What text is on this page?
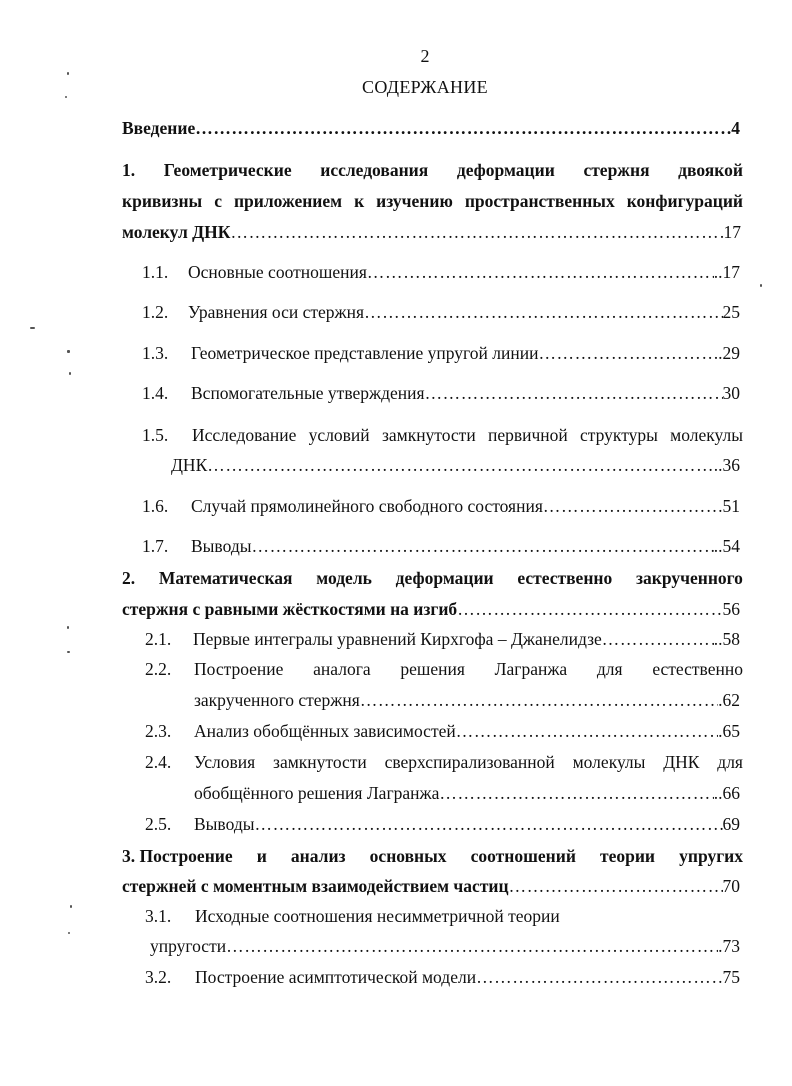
2
СОДЕРЖАНИЕ
Введение ……………………………………………………………………………………………………………………………………………………………………………………………………………………	.4
1. Геометрические исследования деформации стержня двоякой
кривизны с приложением к изучению пространственных конфигураций
молекул ДНК ……………………………………………………………………………………………………………………………………………………………………………………………………………………	17
1.1. Основные соотношения ……………………………………………………………………………………………………………………………………………………………………………………………………………………	..17
1.2. Уравнения оси стержня ……………………………………………………………………………………………………………………………………………………………………………………………………………………	25
1.3. Геометрическое представление упругой линии ……………………………………………………………………………………………………………………………………………………………………………………………………………………	.29
1.4. Вспомогательные утверждения ……………………………………………………………………………………………………………………………………………………………………………………………………………………	30
1.5. Исследование условий замкнутости первичной структуры молекулы
ДНК ……………………………………………………………………………………………………………………………………………………………………………………………………………………	..36
1.6. Случай прямолинейного свободного состояния ……………………………………………………………………………………………………………………………………………………………………………………………………………………	51
1.7. Выводы ……………………………………………………………………………………………………………………………………………………………………………………………………………………	..54
2. Математическая модель деформации естественно закрученного
стержня с равными жёсткостями на изгиб ……………………………………………………………………………………………………………………………………………………………………………………………………………………	56
2.1. Первые интегралы уравнений Кирхгофа – Джанелидзе ……………………………………………………………………………………………………………………………………………………………………………………………………………………	..58
2.2. Построение аналога решения Лагранжа для естественно
закрученного стержня ……………………………………………………………………………………………………………………………………………………………………………………………………………………	.62
2.3. Анализ обобщённых зависимостей ……………………………………………………………………………………………………………………………………………………………………………………………………………………	.65
2.4. Условия замкнутости сверхспирализованной молекулы ДНК для
обобщённого решения Лагранжа ……………………………………………………………………………………………………………………………………………………………………………………………………………………	..66
2.5. Выводы ……………………………………………………………………………………………………………………………………………………………………………………………………………………	69
3. Построение и анализ основных соотношений теории упругих
стержней с моментным взаимодействием частиц ……………………………………………………………………………………………………………………………………………………………………………………………………………………	70
3.1. Исходные соотношения несимметричной теории
упругости ……………………………………………………………………………………………………………………………………………………………………………………………………………………	.73
3.2. Построение асимптотической модели ……………………………………………………………………………………………………………………………………………………………………………………………………………………	.75
